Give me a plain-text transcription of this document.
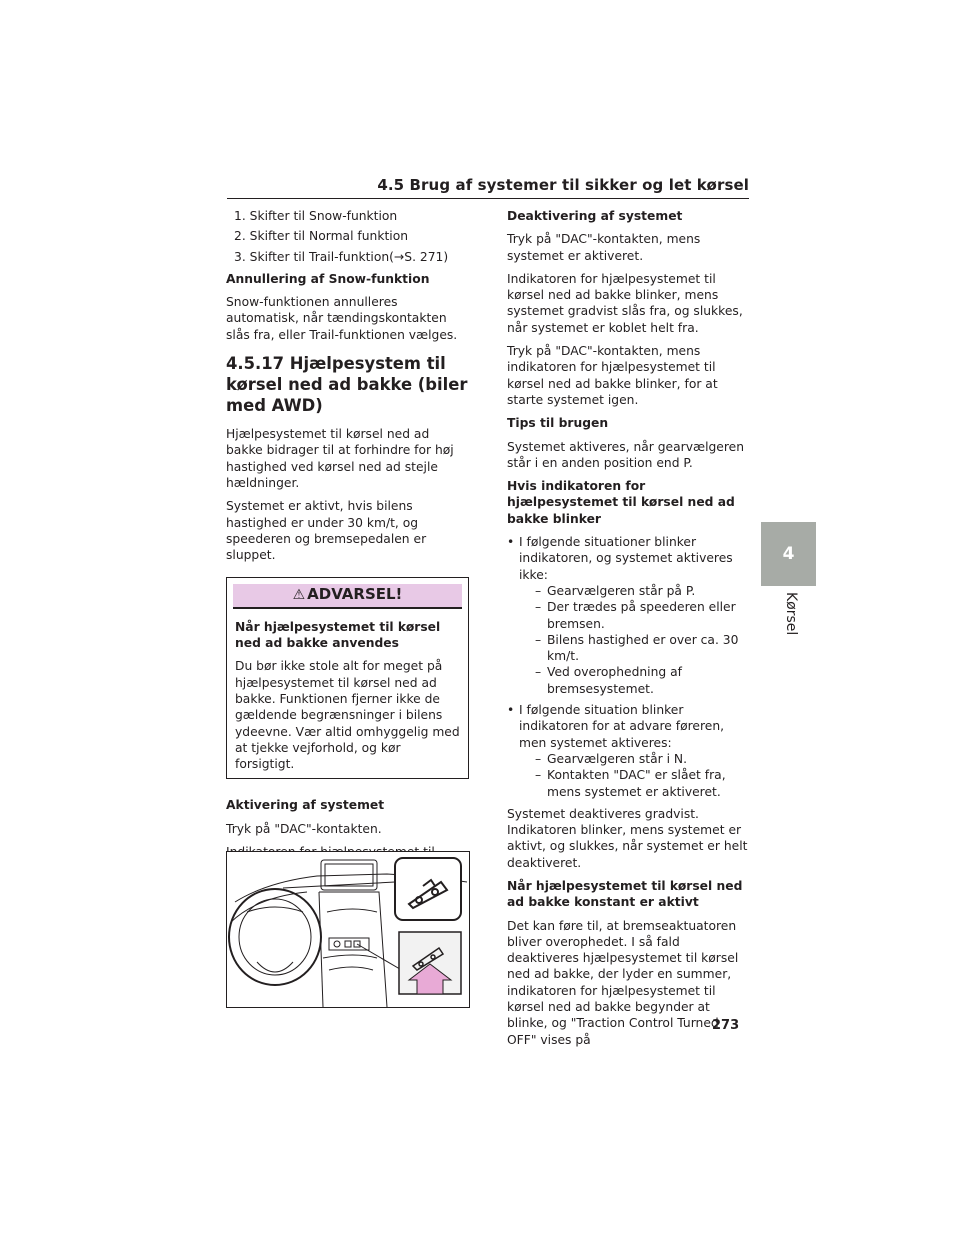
4.5 Brug af systemer til sikker og let kørsel
1. Skifter til Snow-funktion
2. Skifter til Normal funktion
3. Skifter til Trail-funktion(→S. 271)

Annullering af Snow-funktion

Snow-funktionen annulleres automatisk, når tændingskontakten slås fra, eller Trail-funktionen vælges.

4.5.17 Hjælpesystem til kørsel ned ad bakke (biler med AWD)

Hjælpesystemet til kørsel ned ad bakke bidrager til at forhindre for høj hastighed ved kørsel ned ad stejle hældninger.

Systemet er aktivt, hvis bilens hastighed er under 30 km/t, og speederen og bremsepedalen er sluppet.

⚠ ADVARSEL!

Når hjælpesystemet til kørsel ned ad bakke anvendes

Du bør ikke stole alt for meget på hjælpesystemet til kørsel ned ad bakke. Funktionen fjerner ikke de gældende begrænsninger i bilens ydeevne. Vær altid omhyggelig med at tjekke vejforhold, og kør forsigtigt.

Aktivering af systemet

Tryk på "DAC"-kontakten.

Deaktivering af systemet

Tryk på "DAC"-kontakten, mens systemet er aktiveret.

Indikatoren for hjælpesystemet til kørsel ned ad bakke blinker, mens systemet gradvist slås fra, og slukkes, når systemet er koblet helt fra.

Tryk på "DAC"-kontakten, mens indikatoren for hjælpesystemet til kørsel ned ad bakke blinker, for at starte systemet igen.

Tips til brugen

Systemet aktiveres, når gearvælgeren står i en anden position end P.

Hvis indikatoren for hjælpesystemet til kørsel ned ad bakke blinker

• I følgende situationer blinker indikatoren, og systemet aktiveres ikke:
– Gearvælgeren står på P.
– Der trædes på speederen eller bremsen.
– Bilens hastighed er over ca. 30 km/t.
– Ved overophedning af bremsesystemet.
• I følgende situation blinker indikatoren for at advare føreren, men systemet aktiveres:
– Gearvælgeren står i N.
– Kontakten "DAC" er slået fra, mens systemet er aktiveret.

Systemet deaktiveres gradvist. Indikatoren blinker, mens systemet er aktivt, og slukkes, når systemet er helt deaktiveret.

Når hjælpesystemet til kørsel ned ad bakke konstant er aktivt

Det kan føre til, at bremseaktuatoren bliver overophedet. I så fald deaktiveres hjælpesystemet til kørsel ned ad bakke, der lyder en summer, indikatoren for hjælpesystemet til kørsel ned ad bakke begynder at blinke, og "Traction Control Turned OFF" vises på

4
Kørsel
273
